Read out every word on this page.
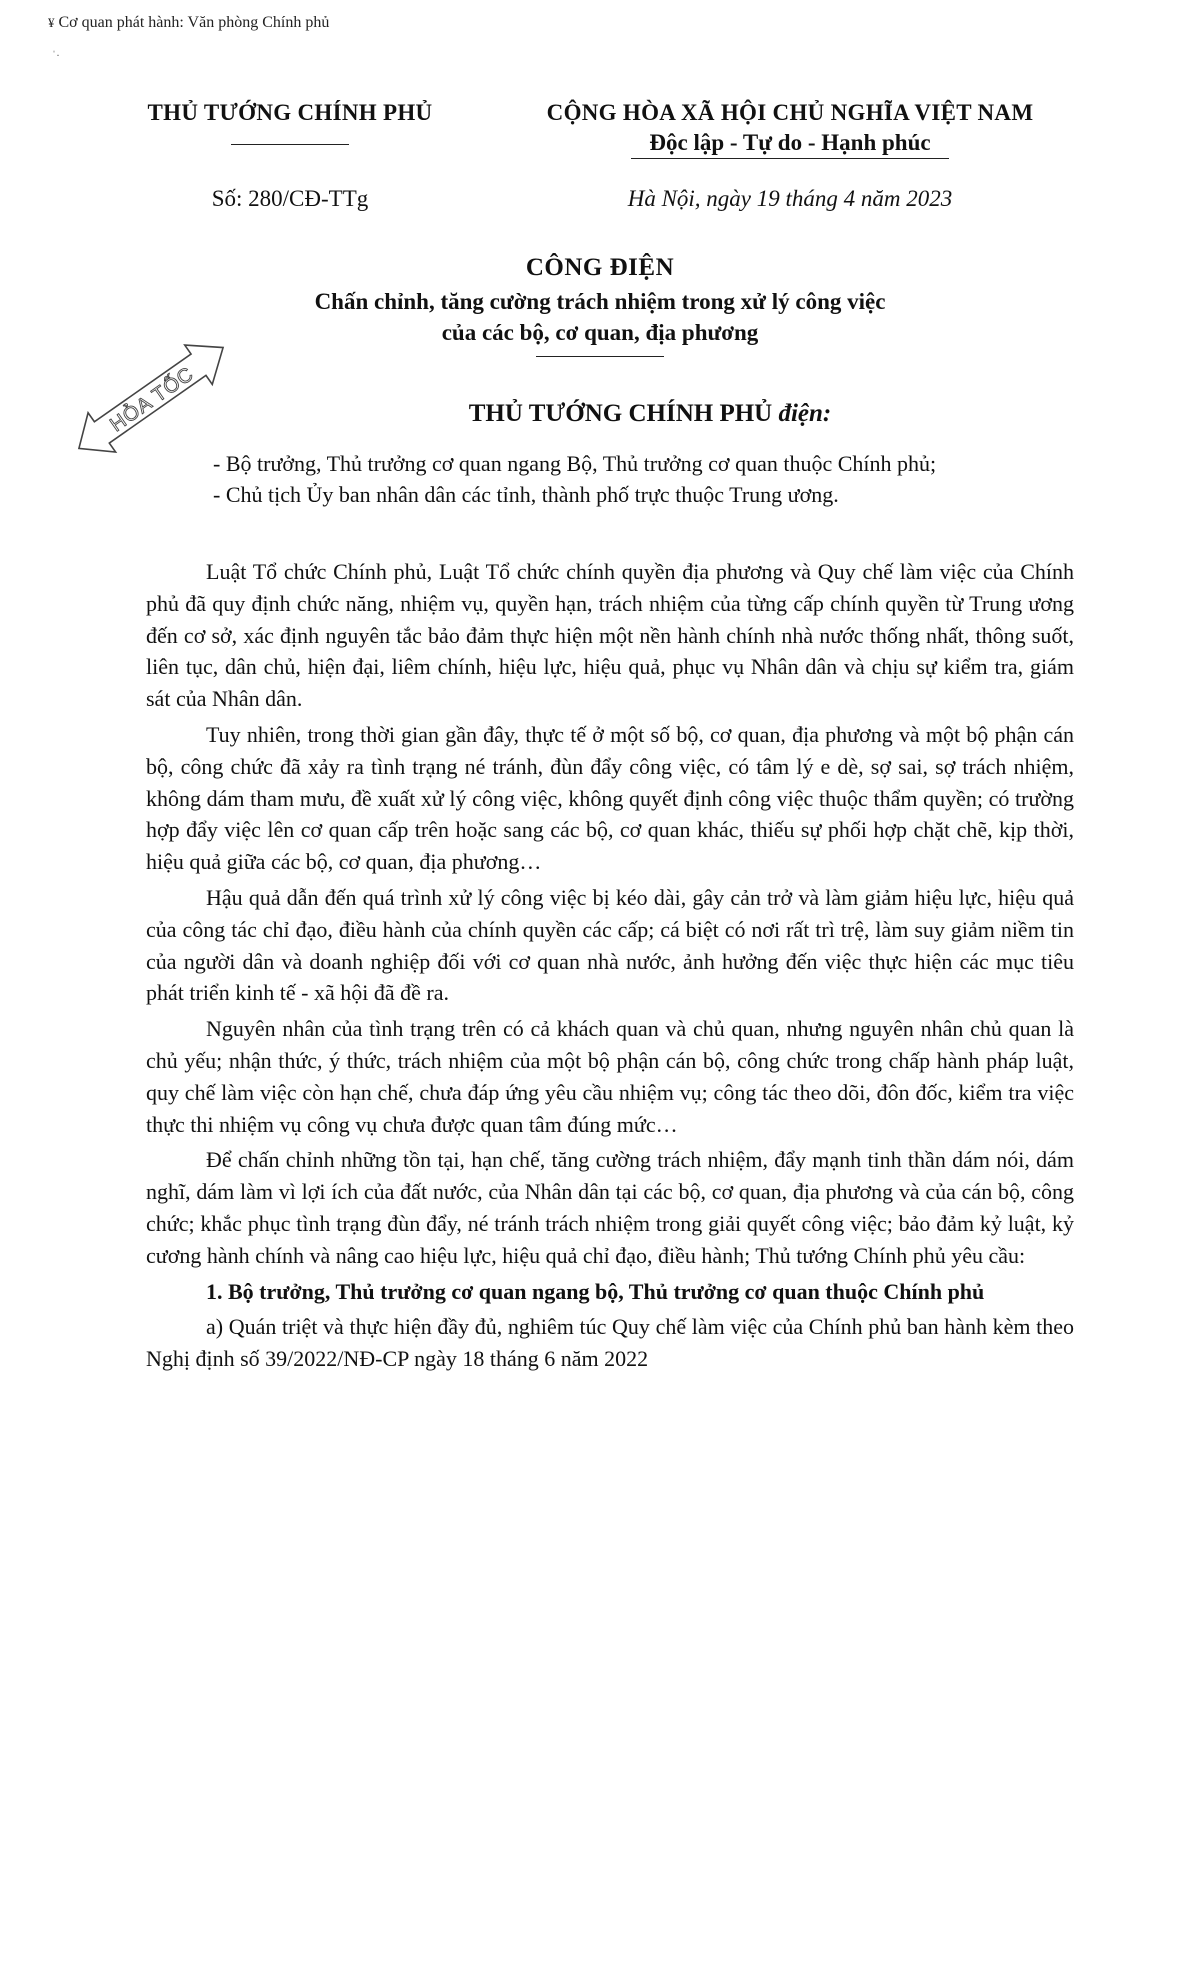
¥ Cơ quan phát hành: Văn phòng Chính phủ
ˈ·
THỦ TƯỚNG CHÍNH PHỦ	CỘNG HÒA XÃ HỘI CHỦ NGHĨA VIỆT NAM
Độc lập - Tự do - Hạnh phúc
Số: 280/CĐ-TTg	Hà Nội, ngày 19 tháng 4 năm 2023
CÔNG ĐIỆN
Chấn chỉnh, tăng cường trách nhiệm trong xử lý công việc
của các bộ, cơ quan, địa phương
HỎA TỐC	THỦ TƯỚNG CHÍNH PHỦ điện:
- Bộ trưởng, Thủ trưởng cơ quan ngang Bộ, Thủ trưởng cơ quan thuộc Chính phủ;
- Chủ tịch Ủy ban nhân dân các tỉnh, thành phố trực thuộc Trung ương.

Luật Tổ chức Chính phủ, Luật Tổ chức chính quyền địa phương và Quy chế làm việc của Chính phủ đã quy định chức năng, nhiệm vụ, quyền hạn, trách nhiệm của từng cấp chính quyền từ Trung ương đến cơ sở, xác định nguyên tắc bảo đảm thực hiện một nền hành chính nhà nước thống nhất, thông suốt, liên tục, dân chủ, hiện đại, liêm chính, hiệu lực, hiệu quả, phục vụ Nhân dân và chịu sự kiểm tra, giám sát của Nhân dân.

Tuy nhiên, trong thời gian gần đây, thực tế ở một số bộ, cơ quan, địa phương và một bộ phận cán bộ, công chức đã xảy ra tình trạng né tránh, đùn đẩy công việc, có tâm lý e dè, sợ sai, sợ trách nhiệm, không dám tham mưu, đề xuất xử lý công việc, không quyết định công việc thuộc thẩm quyền; có trường hợp đẩy việc lên cơ quan cấp trên hoặc sang các bộ, cơ quan khác, thiếu sự phối hợp chặt chẽ, kịp thời, hiệu quả giữa các bộ, cơ quan, địa phương…

Hậu quả dẫn đến quá trình xử lý công việc bị kéo dài, gây cản trở và làm giảm hiệu lực, hiệu quả của công tác chỉ đạo, điều hành của chính quyền các cấp; cá biệt có nơi rất trì trệ, làm suy giảm niềm tin của người dân và doanh nghiệp đối với cơ quan nhà nước, ảnh hưởng đến việc thực hiện các mục tiêu phát triển kinh tế - xã hội đã đề ra.

Nguyên nhân của tình trạng trên có cả khách quan và chủ quan, nhưng nguyên nhân chủ quan là chủ yếu; nhận thức, ý thức, trách nhiệm của một bộ phận cán bộ, công chức trong chấp hành pháp luật, quy chế làm việc còn hạn chế, chưa đáp ứng yêu cầu nhiệm vụ; công tác theo dõi, đôn đốc, kiểm tra việc thực thi nhiệm vụ công vụ chưa được quan tâm đúng mức…

Để chấn chỉnh những tồn tại, hạn chế, tăng cường trách nhiệm, đẩy mạnh tinh thần dám nói, dám nghĩ, dám làm vì lợi ích của đất nước, của Nhân dân tại các bộ, cơ quan, địa phương và của cán bộ, công chức; khắc phục tình trạng đùn đẩy, né tránh trách nhiệm trong giải quyết công việc; bảo đảm kỷ luật, kỷ cương hành chính và nâng cao hiệu lực, hiệu quả chỉ đạo, điều hành; Thủ tướng Chính phủ yêu cầu:

1. Bộ trưởng, Thủ trưởng cơ quan ngang bộ, Thủ trưởng cơ quan thuộc Chính phủ

a) Quán triệt và thực hiện đầy đủ, nghiêm túc Quy chế làm việc của Chính phủ ban hành kèm theo Nghị định số 39/2022/NĐ-CP ngày 18 tháng 6 năm 2022
